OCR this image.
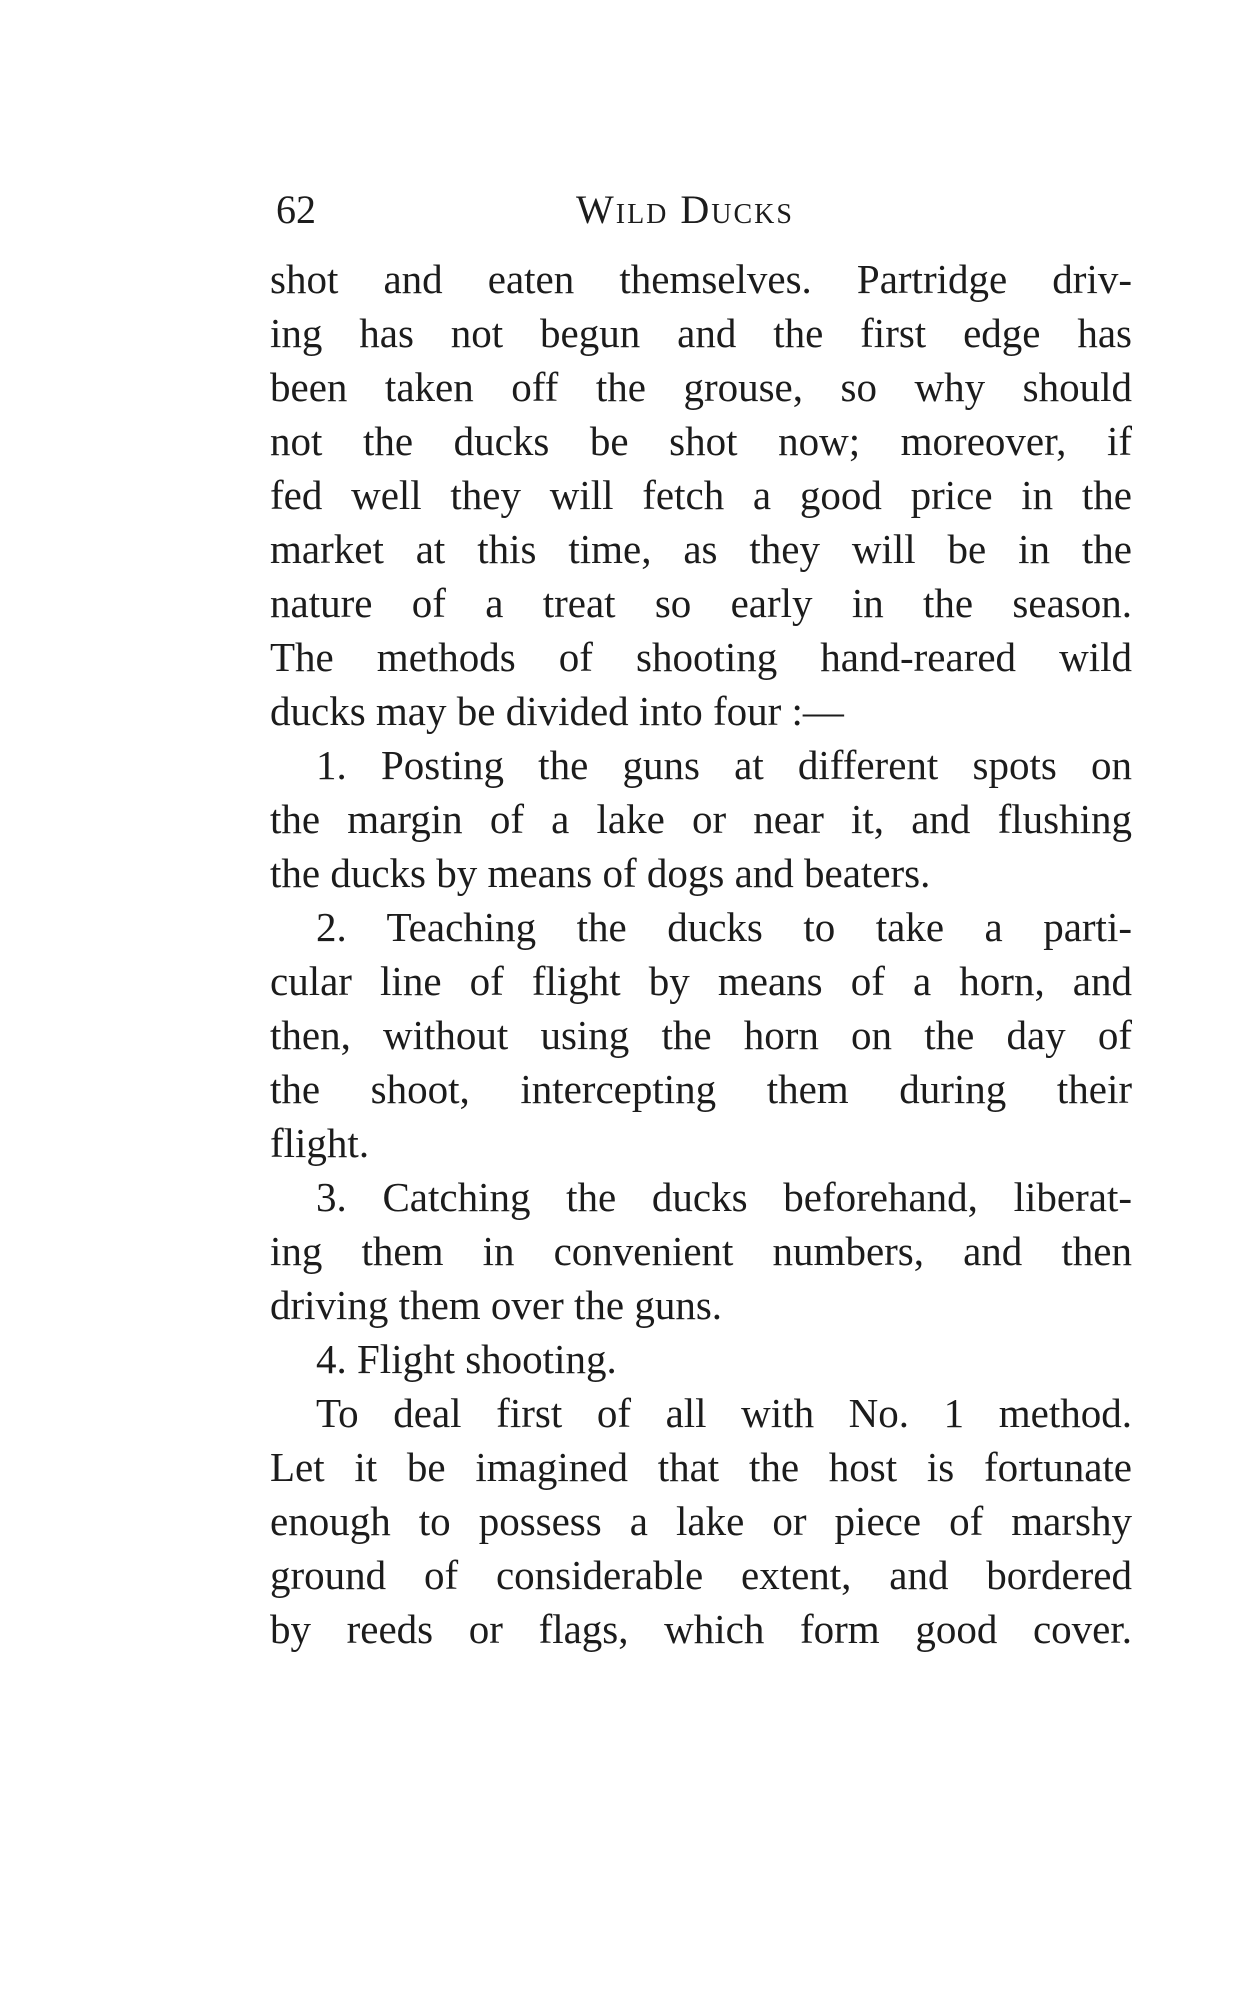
62	Wild Ducks
shot and eaten themselves. Partridge driv-
ing has not begun and the first edge has
been taken off the grouse, so why should
not the ducks be shot now; moreover, if
fed well they will fetch a good price in the
market at this time, as they will be in the
nature of a treat so early in the season.
The methods of shooting hand-reared wild
ducks may be divided into four :—
1. Posting the guns at different spots on
the margin of a lake or near it, and flushing
the ducks by means of dogs and beaters.
2. Teaching the ducks to take a parti-
cular line of flight by means of a horn, and
then, without using the horn on the day of
the shoot, intercepting them during their
flight.
3. Catching the ducks beforehand, liberat-
ing them in convenient numbers, and then
driving them over the guns.
4. Flight shooting.
To deal first of all with No. 1 method.
Let it be imagined that the host is fortunate
enough to possess a lake or piece of marshy
ground of considerable extent, and bordered
by reeds or flags, which form good cover.
